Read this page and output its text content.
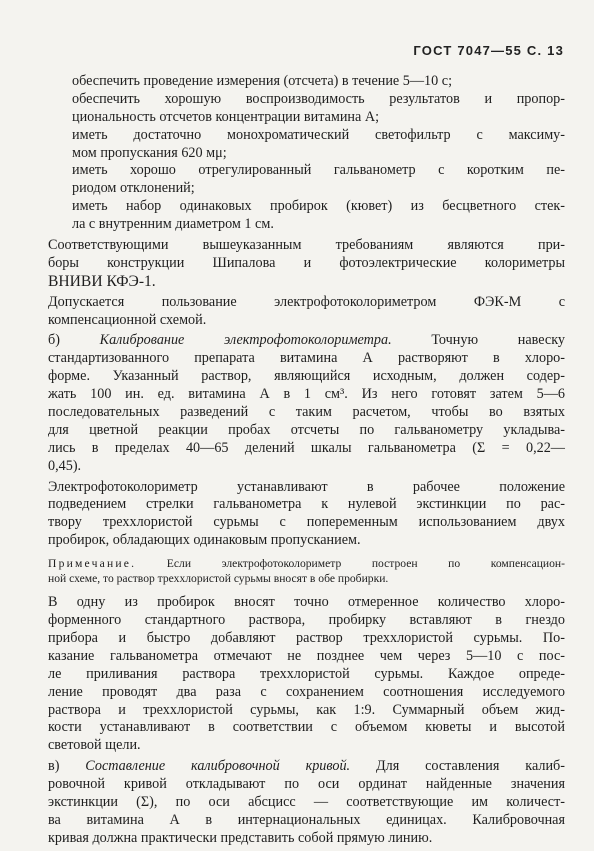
ГОСТ 7047—55 С. 13

обеспечить проведение измерения (отсчета) в течение 5—10 с;

обеспечить хорошую воспроизводимость результатов и пропор-
циональность отсчетов концентрации витамина А;

иметь достаточно монохроматический светофильтр с максиму-
мом пропускания 620 мμ;

иметь хорошо отрегулированный гальванометр с коротким пе-
риодом отклонений;

иметь набор одинаковых пробирок (кювет) из бесцветного стек-
ла с внутренним диаметром 1 см.

Соответствующими вышеуказанным требованиям являются при-
боры конструкции Шипалова и фотоэлектрические колориметры
ВНИВИ КФЭ-1.

Допускается пользование электрофотоколориметром ФЭК-М с
компенсационной схемой.

б) Калибрование электрофотоколориметра. Точную навеску
стандартизованного препарата витамина А растворяют в хлоро-
форме. Указанный раствор, являющийся исходным, должен содер-
жать 100 ин. ед. витамина А в 1 см³. Из него готовят затем 5—6
последовательных разведений с таким расчетом, чтобы во взятых
для цветной реакции пробах отсчеты по гальванометру укладыва-
лись в пределах 40—65 делений шкалы гальванометра (Σ = 0,22—
0,45).

Электрофотоколориметр устанавливают в рабочее положение
подведением стрелки гальванометра к нулевой экстинкции по рас-
твору треххлористой сурьмы с попеременным использованием двух
пробирок, обладающих одинаковым пропусканием.

Примечание. Если электрофотоколориметр построен по компенсацион-
ной схеме, то раствор треххлористой сурьмы вносят в обе пробирки.

В одну из пробирок вносят точно отмеренное количество хлоро-
форменного стандартного раствора, пробирку вставляют в гнездо
прибора и быстро добавляют раствор треххлористой сурьмы. По-
казание гальванометра отмечают не позднее чем через 5—10 с пос-
ле приливания раствора треххлористой сурьмы. Каждое опреде-
ление проводят два раза с сохранением соотношения исследуемого
раствора и треххлористой сурьмы, как 1:9. Суммарный объем жид-
кости устанавливают в соответствии с объемом кюветы и высотой
световой щели.

в) Составление калибровочной кривой. Для составления калиб-
ровочной кривой откладывают по оси ординат найденные значения
экстинкции (Σ), по оси абсцисс — соответствующие им количест-
ва витамина А в интернациональных единицах. Калибровочная
кривая должна практически представить собой прямую линию.
